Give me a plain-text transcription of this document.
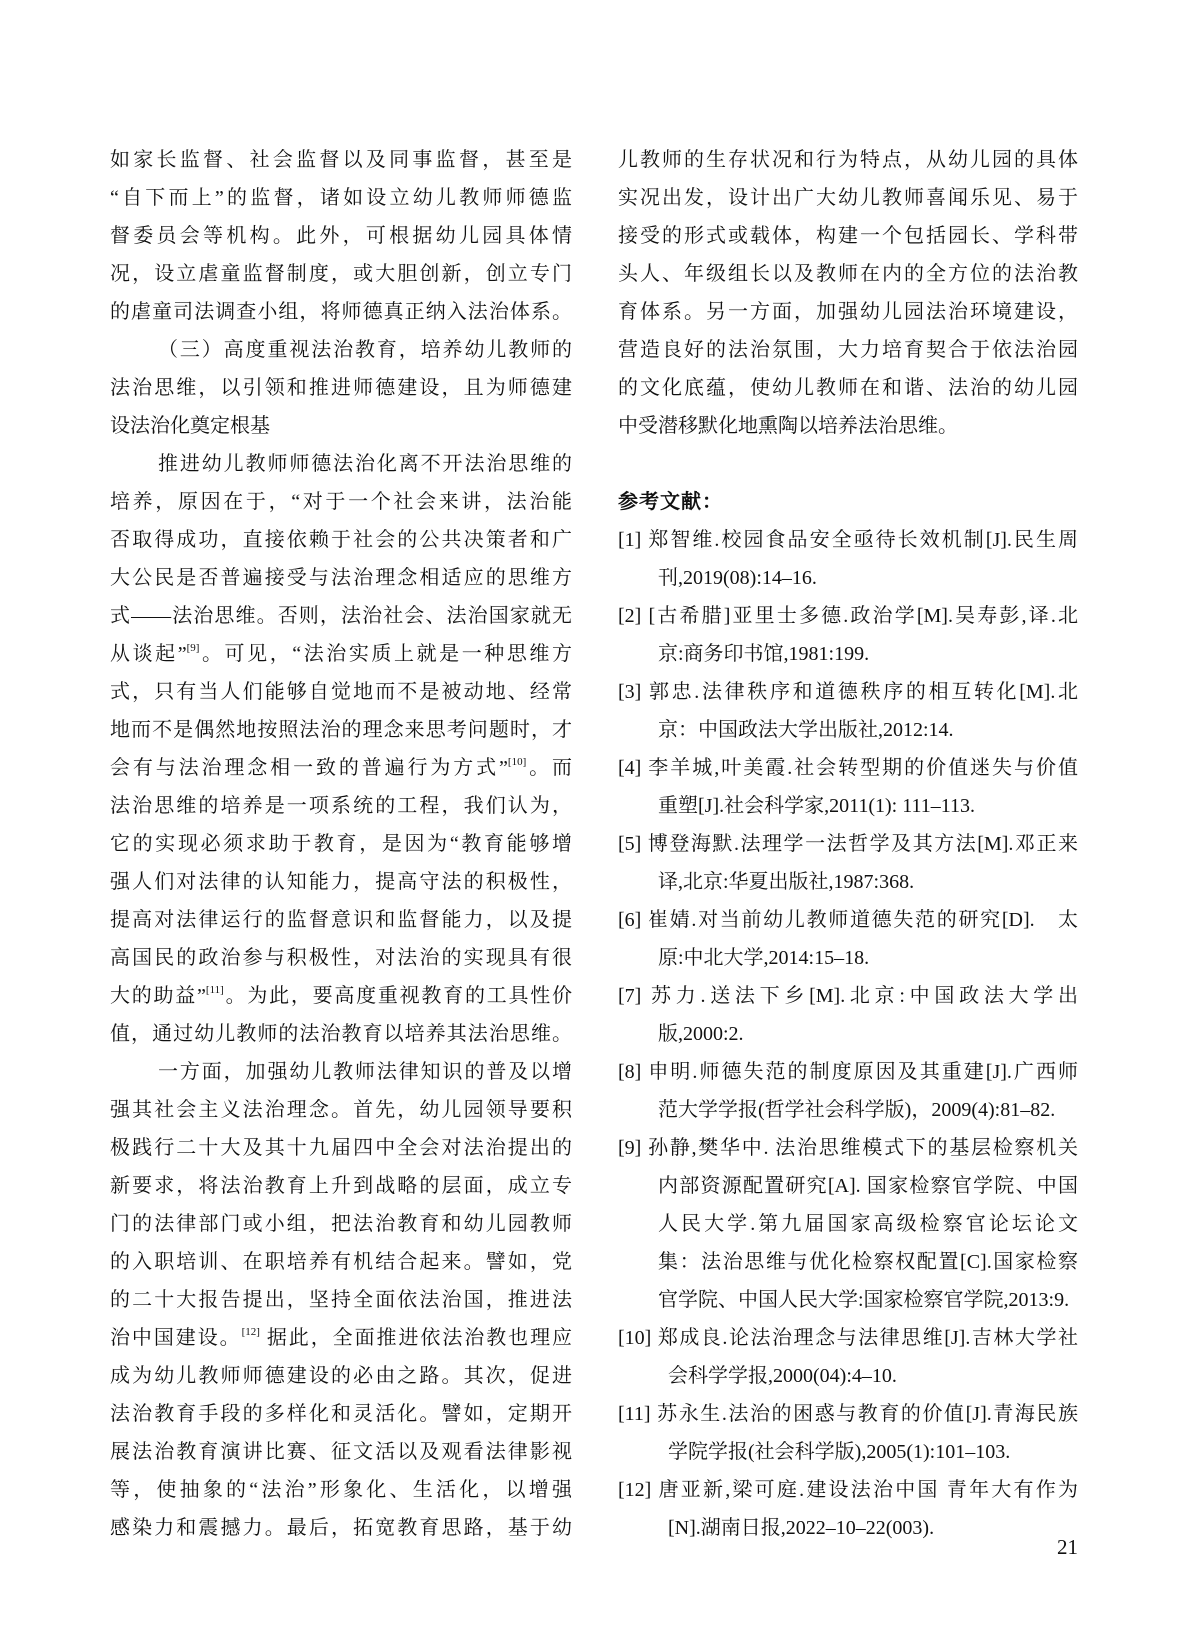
如家长监督、社会监督以及同事监督，甚至是
“自下而上”的监督，诸如设立幼儿教师师德监
督委员会等机构。此外，可根据幼儿园具体情
况，设立虐童监督制度，或大胆创新，创立专门
的虐童司法调查小组，将师德真正纳入法治体系。
（三）高度重视法治教育，培养幼儿教师的
法治思维，以引领和推进师德建设，且为师德建
设法治化奠定根基
推进幼儿教师师德法治化离不开法治思维的
培养，原因在于，“对于一个社会来讲，法治能
否取得成功，直接依赖于社会的公共决策者和广
大公民是否普遍接受与法治理念相适应的思维方
式——法治思维。否则，法治社会、法治国家就无
从谈起”[9]。可见，“法治实质上就是一种思维方
式，只有当人们能够自觉地而不是被动地、经常
地而不是偶然地按照法治的理念来思考问题时，才
会有与法治理念相一致的普遍行为方式”[10]。而
法治思维的培养是一项系统的工程，我们认为，
它的实现必须求助于教育，是因为“教育能够增
强人们对法律的认知能力，提高守法的积极性，
提高对法律运行的监督意识和监督能力，以及提
高国民的政治参与积极性，对法治的实现具有很
大的助益”[11]。为此，要高度重视教育的工具性价
值，通过幼儿教师的法治教育以培养其法治思维。
一方面，加强幼儿教师法律知识的普及以增
强其社会主义法治理念。首先，幼儿园领导要积
极践行二十大及其十九届四中全会对法治提出的
新要求，将法治教育上升到战略的层面，成立专
门的法律部门或小组，把法治教育和幼儿园教师
的入职培训、在职培养有机结合起来。譬如，党
的二十大报告提出，坚持全面依法治国，推进法
治中国建设。[12] 据此，全面推进依法治教也理应
成为幼儿教师师德建设的必由之路。其次，促进
法治教育手段的多样化和灵活化。譬如，定期开
展法治教育演讲比赛、征文活以及观看法律影视
等，使抽象的“法治”形象化、生活化，以增强
感染力和震撼力。最后，拓宽教育思路，基于幼
儿教师的生存状况和行为特点，从幼儿园的具体
实况出发，设计出广大幼儿教师喜闻乐见、易于
接受的形式或载体，构建一个包括园长、学科带
头人、年级组长以及教师在内的全方位的法治教
育体系。另一方面，加强幼儿园法治环境建设，
营造良好的法治氛围，大力培育契合于依法治园
的文化底蕴，使幼儿教师在和谐、法治的幼儿园
中受潜移默化地熏陶以培养法治思维。
参考文献：
[1] 郑智维.校园食品安全亟待长效机制[J].民生周
刊,2019(08):14–16.
[2] [古希腊]亚里士多德.政治学[M].吴寿彭,译.北
京:商务印书馆,1981:199.
[3] 郭忠.法律秩序和道德秩序的相互转化[M].北
京：中国政法大学出版社,2012:14.
[4] 李羊城,叶美霞.社会转型期的价值迷失与价值
重塑[J].社会科学家,2011(1): 111–113.
[5] 博登海默.法理学一法哲学及其方法[M].邓正来
译,北京:华夏出版社,1987:368.
[6] 崔婧.对当前幼儿教师道德失范的研究[D].　太
原:中北大学,2014:15–18.
[7] 苏力.送法下乡[M].北京:中国政法大学出
版,2000:2.
[8] 申明.师德失范的制度原因及其重建[J].广西师
范大学学报(哲学社会科学版)，2009(4):81–82.
[9] 孙静,樊华中. 法治思维模式下的基层检察机关
内部资源配置研究[A]. 国家检察官学院、中国
人民大学.第九届国家高级检察官论坛论文
集：法治思维与优化检察权配置[C].国家检察
官学院、中国人民大学:国家检察官学院,2013:9.
[10] 郑成良.论法治理念与法律思维[J].吉林大学社
会科学学报,2000(04):4–10.
[11] 苏永生.法治的困惑与教育的价值[J].青海民族
学院学报(社会科学版),2005(1):101–103.
[12] 唐亚新,梁可庭.建设法治中国 青年大有作为
[N].湖南日报,2022–10–22(003).
21
